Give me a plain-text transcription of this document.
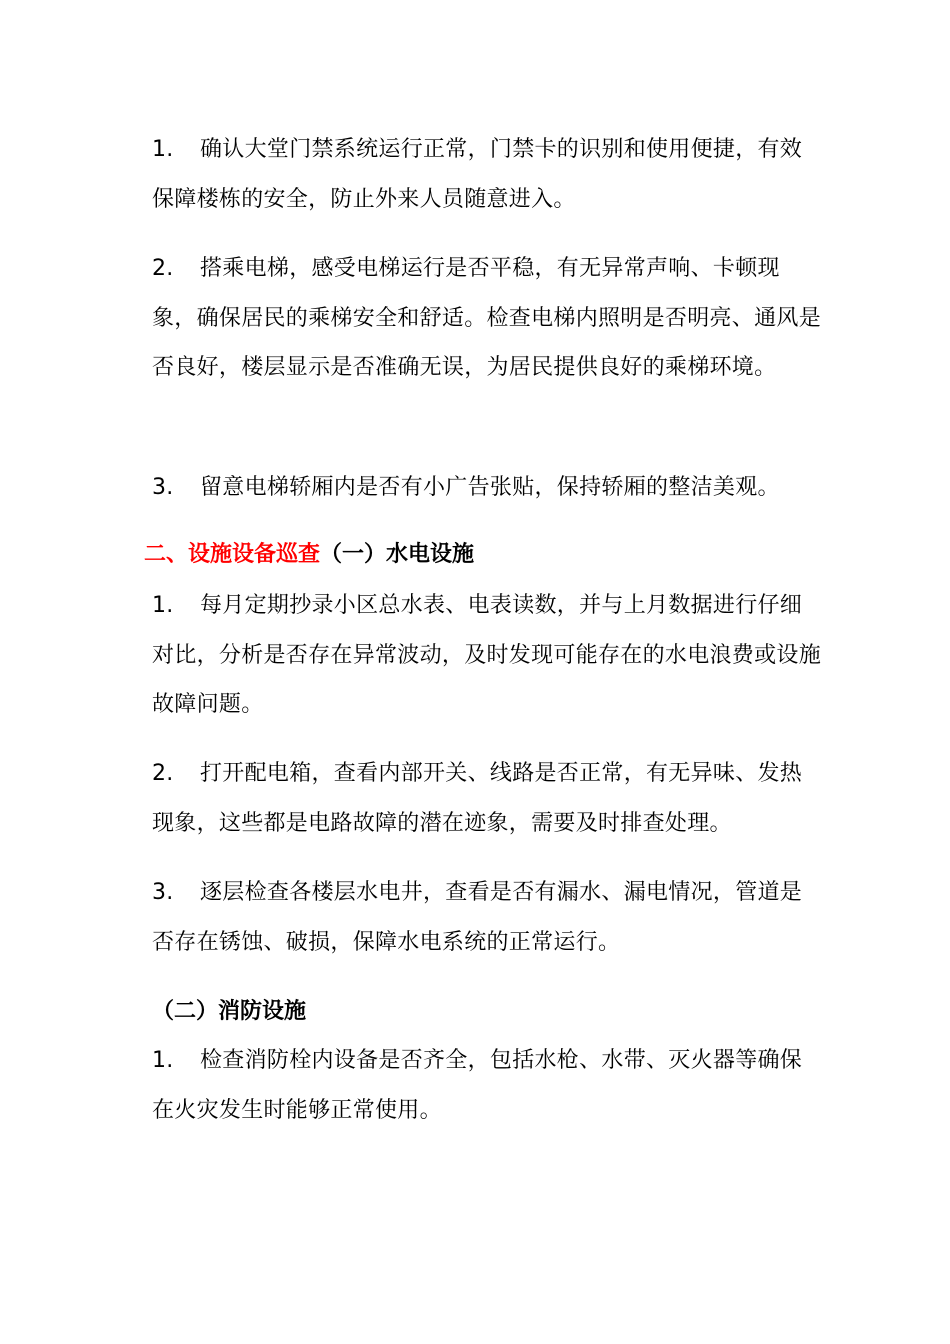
1. 确认大堂门禁系统运行正常，门禁卡的识别和使用便捷，有效保障楼栋的安全，防止外来人员随意进入。

2. 搭乘电梯，感受电梯运行是否平稳，有无异常声响、卡顿现象，确保居民的乘梯安全和舒适。检查电梯内照明是否明亮、通风是否良好，楼层显示是否准确无误，为居民提供良好的乘梯环境。

3. 留意电梯轿厢内是否有小广告张贴，保持轿厢的整洁美观。

二、设施设备巡查（一）水电设施

1. 每月定期抄录小区总水表、电表读数，并与上月数据进行仔细对比，分析是否存在异常波动，及时发现可能存在的水电浪费或设施故障问题。

2. 打开配电箱，查看内部开关、线路是否正常，有无异味、发热现象，这些都是电路故障的潜在迹象，需要及时排查处理。

3. 逐层检查各楼层水电井，查看是否有漏水、漏电情况，管道是否存在锈蚀、破损，保障水电系统的正常运行。

（二）消防设施

1. 检查消防栓内设备是否齐全，包括水枪、水带、灭火器等确保在火灾发生时能够正常使用。
